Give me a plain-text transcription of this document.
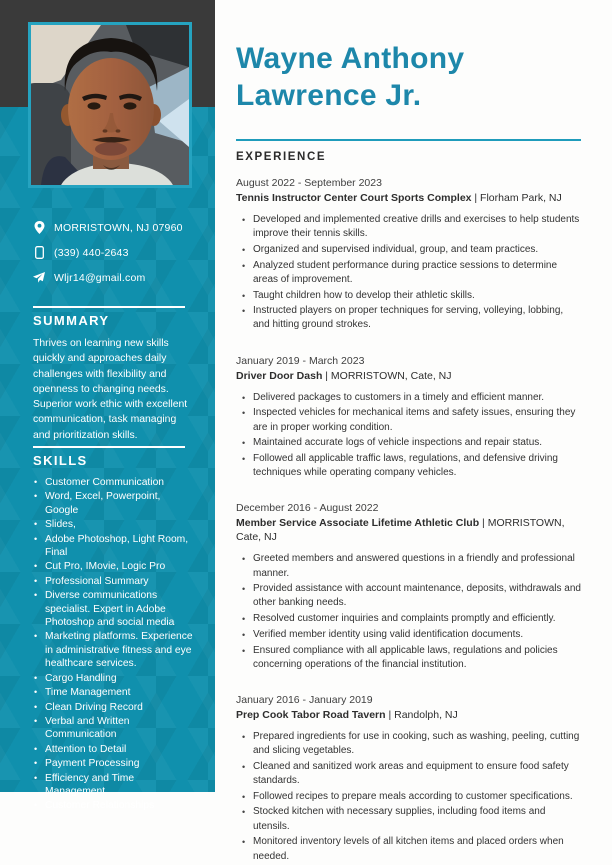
MORRISTOWN, NJ 07960
(339) 440-2643
Wljr14@gmail.com
SUMMARY

Thrives on learning new skills quickly and approaches daily challenges with flexibility and openness to changing needs. Superior work ethic with excellent communication, task managing and prioritization skills.

SKILLS
• Customer Communication
• Word, Excel, Powerpoint, Google
• Slides,
• Adobe Photoshop, Light Room, Final
• Cut Pro, IMovie, Logic Pro
• Professional Summary
• Diverse communications specialist. Expert in Adobe Photoshop and social media
• Marketing platforms. Experience in administrative fitness and eye healthcare services.
• Cargo Handling
• Time Management
• Clean Driving Record
• Verbal and Written Communication
• Attention to Detail
• Payment Processing
• Efficiency and Time Management
• Customer Relationships
Wayne Anthony
Lawrence Jr.
EXPERIENCE
August 2022 - September 2023
Tennis Instructor Center Court Sports Complex | Florham Park, NJ
• Developed and implemented creative drills and exercises to help students improve their tennis skills.
• Organized and supervised individual, group, and team practices.
• Analyzed student performance during practice sessions to determine areas of improvement.
• Taught children how to develop their athletic skills.
• Instructed players on proper techniques for serving, volleying, lobbing, and hitting ground strokes.
January 2019 - March 2023
Driver Door Dash | MORRISTOWN, Cate, NJ
• Delivered packages to customers in a timely and efficient manner.
• Inspected vehicles for mechanical items and safety issues, ensuring they are in proper working condition.
• Maintained accurate logs of vehicle inspections and repair status.
• Followed all applicable traffic laws, regulations, and defensive driving techniques while operating company vehicles.
December 2016 - August 2022
Member Service Associate Lifetime Athletic Club | MORRISTOWN, Cate, NJ
• Greeted members and answered questions in a friendly and professional manner.
• Provided assistance with account maintenance, deposits, withdrawals and other banking needs.
• Resolved customer inquiries and complaints promptly and efficiently.
• Verified member identity using valid identification documents.
• Ensured compliance with all applicable laws, regulations and policies concerning operations of the financial institution.
January 2016 - January 2019
Prep Cook Tabor Road Tavern | Randolph, NJ
• Prepared ingredients for use in cooking, such as washing, peeling, cutting and slicing vegetables.
• Cleaned and sanitized work areas and equipment to ensure food safety standards.
• Followed recipes to prepare meals according to customer specifications.
• Stocked kitchen with necessary supplies, including food items and utensils.
• Monitored inventory levels of all kitchen items and placed orders when needed.
